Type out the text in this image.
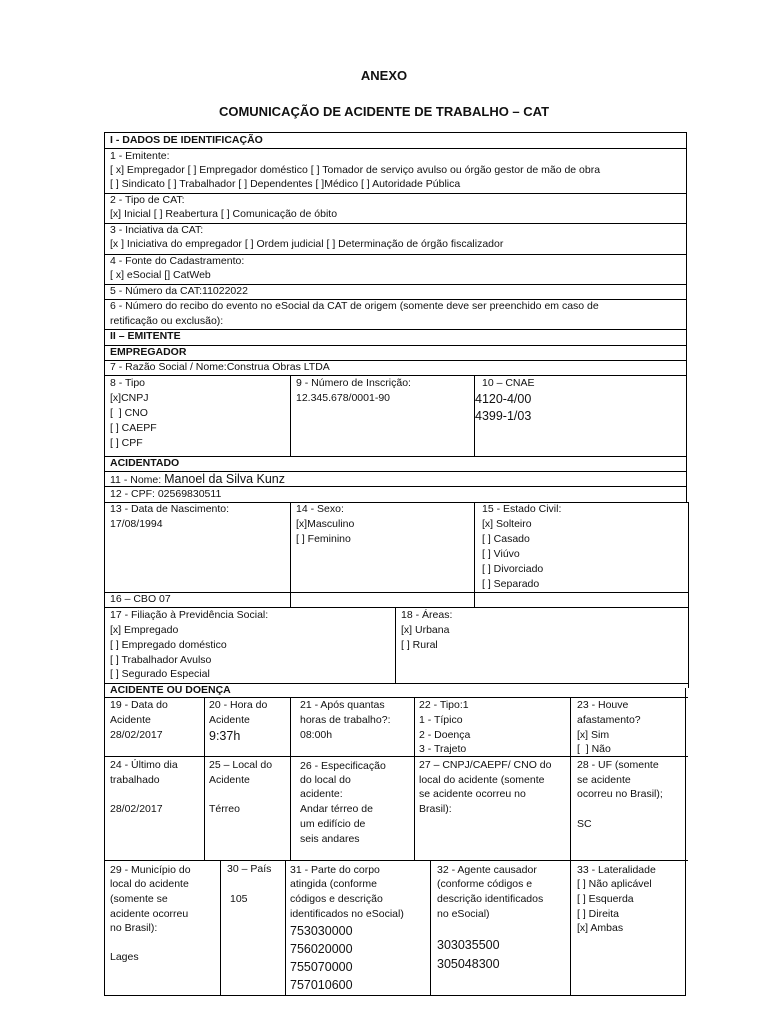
ANEXO
COMUNICAÇÃO DE ACIDENTE DE TRABALHO – CAT
I - DADOS DE IDENTIFICAÇÃO
1 - Emitente:
[ x] Empregador [ ] Empregador doméstico [ ] Tomador de serviço avulso ou órgão gestor de mão de obra
[ ] Sindicato [ ] Trabalhador [ ] Dependentes [ ]Médico [ ] Autoridade Pública
2 - Tipo de CAT:
[x] Inicial [ ] Reabertura [ ] Comunicação de óbito
3 - Inciativa da CAT:
[x ] Iniciativa do empregador [ ] Ordem judicial [ ] Determinação de órgão fiscalizador
4 - Fonte do Cadastramento:
[ x] eSocial [] CatWeb
5 - Número da CAT:11022022
6 - Número do recibo do evento no eSocial da CAT de origem (somente deve ser preenchido em caso de
retificação ou exclusão):
II – EMITENTE
EMPREGADOR
7 - Razão Social / Nome:Construa Obras LTDA
8 - Tipo
[x]CNPJ
[  ] CNO
[ ] CAEPF
[ ] CPF
9 - Número de Inscrição:
12.345.678/0001-90
10 – CNAE
4120-4/00
4399-1/03
ACIDENTADO
11 - Nome: Manoel da Silva Kunz
12 - CPF: 02569830511
13 - Data de Nascimento:
17/08/1994
14 - Sexo:
[x]Masculino
[ ] Feminino
15 - Estado Civil:
[x] Solteiro
[ ] Casado
[ ] Viúvo
[ ] Divorciado
[ ] Separado
16 – CBO 07
17 - Filiação à Previdência Social:
[x] Empregado
[ ] Empregado doméstico
[ ] Trabalhador Avulso
[ ] Segurado Especial
18 - Áreas:
[x] Urbana
[ ] Rural
ACIDENTE OU DOENÇA
19 - Data do
Acidente
28/02/2017
20 - Hora do
Acidente
9:37h
21 - Após quantas
horas de trabalho?:
08:00h
22 - Tipo:1
1 - Típico
2 - Doença
3 - Trajeto
23 - Houve
afastamento?
[x] Sim
[  ] Não
24 - Último dia
trabalhado
28/02/2017
25 – Local do
Acidente
Térreo
26 - Especificação
do local do
acidente:
Andar térreo de
um edifício de
seis andares
27 – CNPJ/CAEPF/ CNO do
local do acidente (somente
se acidente ocorreu no
Brasil):
28 - UF (somente
se acidente
ocorreu no Brasil);
SC
29 - Município do
local do acidente
(somente se
acidente ocorreu
no Brasil):
Lages
30 – País
105
31 - Parte do corpo
atingida (conforme
códigos e descrição
identificados no eSocial)
753030000
756020000
755070000
757010600
32 - Agente causador
(conforme códigos e
descrição identificados
no eSocial)
303035500
305048300
33 - Lateralidade
[ ] Não aplicável
[ ] Esquerda
[ ] Direita
[x] Ambas
